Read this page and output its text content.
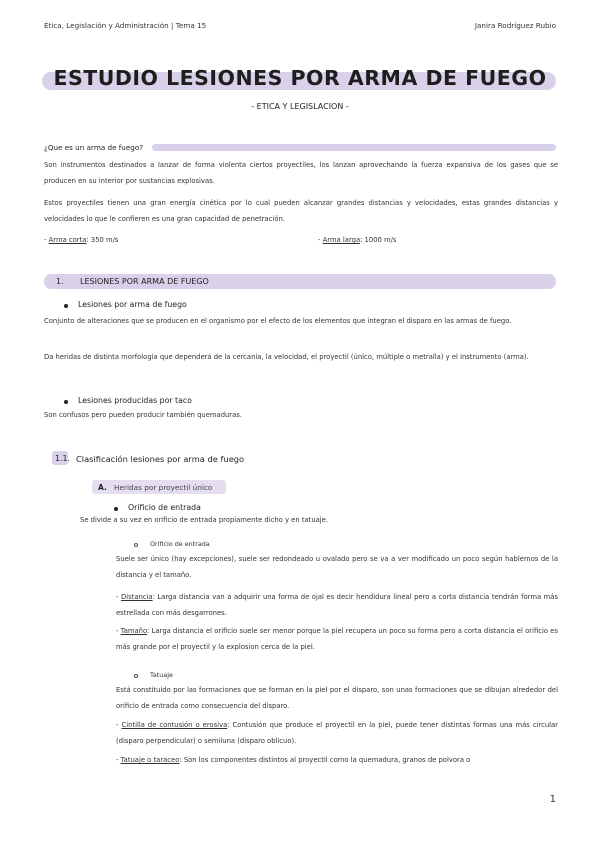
Ética, Legislación y Administración | Tema 15	Janira Rodríguez Rubio
ESTUDIO LESIONES POR ARMA DE FUEGO
- ETICA Y LEGISLACION -
¿Que es un arma de fuego?
Son instrumentos destinados a lanzar de forma violenta ciertos proyectiles, los lanzan aprovechando la fuerza expansiva de los gases que se producen en su interior por sustancias explosivas.
Estos proyectiles tienen una gran energía cinética por lo cual pueden alcanzar grandes distancias y velocidades, estas grandes distancias y velocidades lo que le confieren es una gran capacidad de penetración.
- Arma corta: 350 m/s	- Arma larga: 1000 m/s
1. LESIONES POR ARMA DE FUEGO
Lesiones por arma de fuego
Conjunto de alteraciones que se producen en el organismo por el efecto de los elementos que integran el disparo en las armas de fuego.
Da heridas de distinta morfología que dependerá de la cercanía, la velocidad, el proyectil (único, múltiple o metralla) y el instrumento (arma).
Lesiones producidas por taco
Son confusos pero pueden producir también quemaduras.
1.1. Clasificación lesiones por arma de fuego
A. Heridas por proyectil único
Orificio de entrada
Se divide a su vez en orificio de entrada propiamente dicho y en tatuaje.
Orificio de entrada
Suele ser único (hay excepciones), suele ser redondeado u ovalado pero se va a ver modificado un poco según hablemos de la distancia y el tamaño.
- Distancia: Larga distancia van a adquirir una forma de ojal es decir hendidura lineal pero a corta distancia tendrán forma más estrellada con más desgarrones.
- Tamaño: Larga distancia el orificio suele ser menor porque la piel recupera un poco su forma pero a corta distancia el orificio es más grande por el proyectil y la explosion cerca de la piel.
Tatuaje
Está constituido por las formaciones que se forman en la piel por el disparo, son unas formaciones que se dibujan alrededor del orificio de entrada como consecuencia del disparo.
- Cintilla de contusión o erosiva: Contusión que produce el proyectil en la piel, puede tener distintas formas una más circular (disparo perpendicular) o semiluna (disparo oblicuo).
- Tatuaje o taraceo: Son los componentes distintos al proyectil como la quemadura, granos de polvora o
1
